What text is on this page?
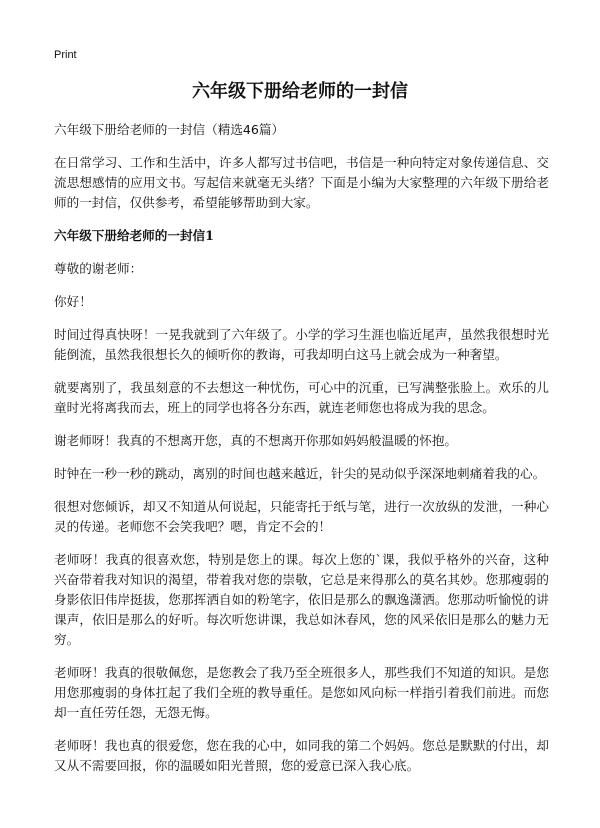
Print
六年级下册给老师的一封信

六年级下册给老师的一封信（精选46篇）

在日常学习、工作和生活中，许多人都写过书信吧，书信是一种向特定对象传递信息、交流思想感情的应用文书。写起信来就毫无头绪？下面是小编为大家整理的六年级下册给老师的一封信，仅供参考，希望能够帮助到大家。

六年级下册给老师的一封信1

尊敬的谢老师：

你好！

时间过得真快呀！一晃我就到了六年级了。小学的学习生涯也临近尾声，虽然我很想时光能倒流，虽然我很想长久的倾听你的教诲，可我却明白这马上就会成为一种奢望。

就要离别了，我虽刻意的不去想这一种忧伤，可心中的沉重，已写满整张脸上。欢乐的儿童时光将离我而去，班上的同学也将各分东西，就连老师您也将成为我的思念。

谢老师呀！我真的不想离开您，真的不想离开你那如妈妈般温暖的怀抱。

时钟在一秒一秒的跳动，离别的时间也越来越近，针尖的晃动似乎深深地刺痛着我的心。

很想对您倾诉，却又不知道从何说起，只能寄托于纸与笔，进行一次放纵的发泄，一种心灵的传递。老师您不会笑我吧？嗯，肯定不会的！

老师呀！我真的很喜欢您，特别是您上的课。每次上您的`课，我似乎格外的兴奋，这种兴奋带着我对知识的渴望，带着我对您的崇敬，它总是来得那么的莫名其妙。您那瘦弱的身影依旧伟岸挺拔，您那挥洒自如的粉笔字，依旧是那么的飘逸潇洒。您那动听愉悦的讲课声，依旧是那么的好听。每次听您讲课，我总如沐春风，您的风采依旧是那么的魅力无穷。

老师呀！我真的很敬佩您，是您教会了我乃至全班很多人，那些我们不知道的知识。是您用您那瘦弱的身体扛起了我们全班的教导重任。是您如风向标一样指引着我们前进。而您却一直任劳任怨，无怨无悔。

老师呀！我也真的很爱您，您在我的心中，如同我的第二个妈妈。您总是默默的付出，却又从不需要回报，你的温暖如阳光普照，您的爱意已深入我心底。
